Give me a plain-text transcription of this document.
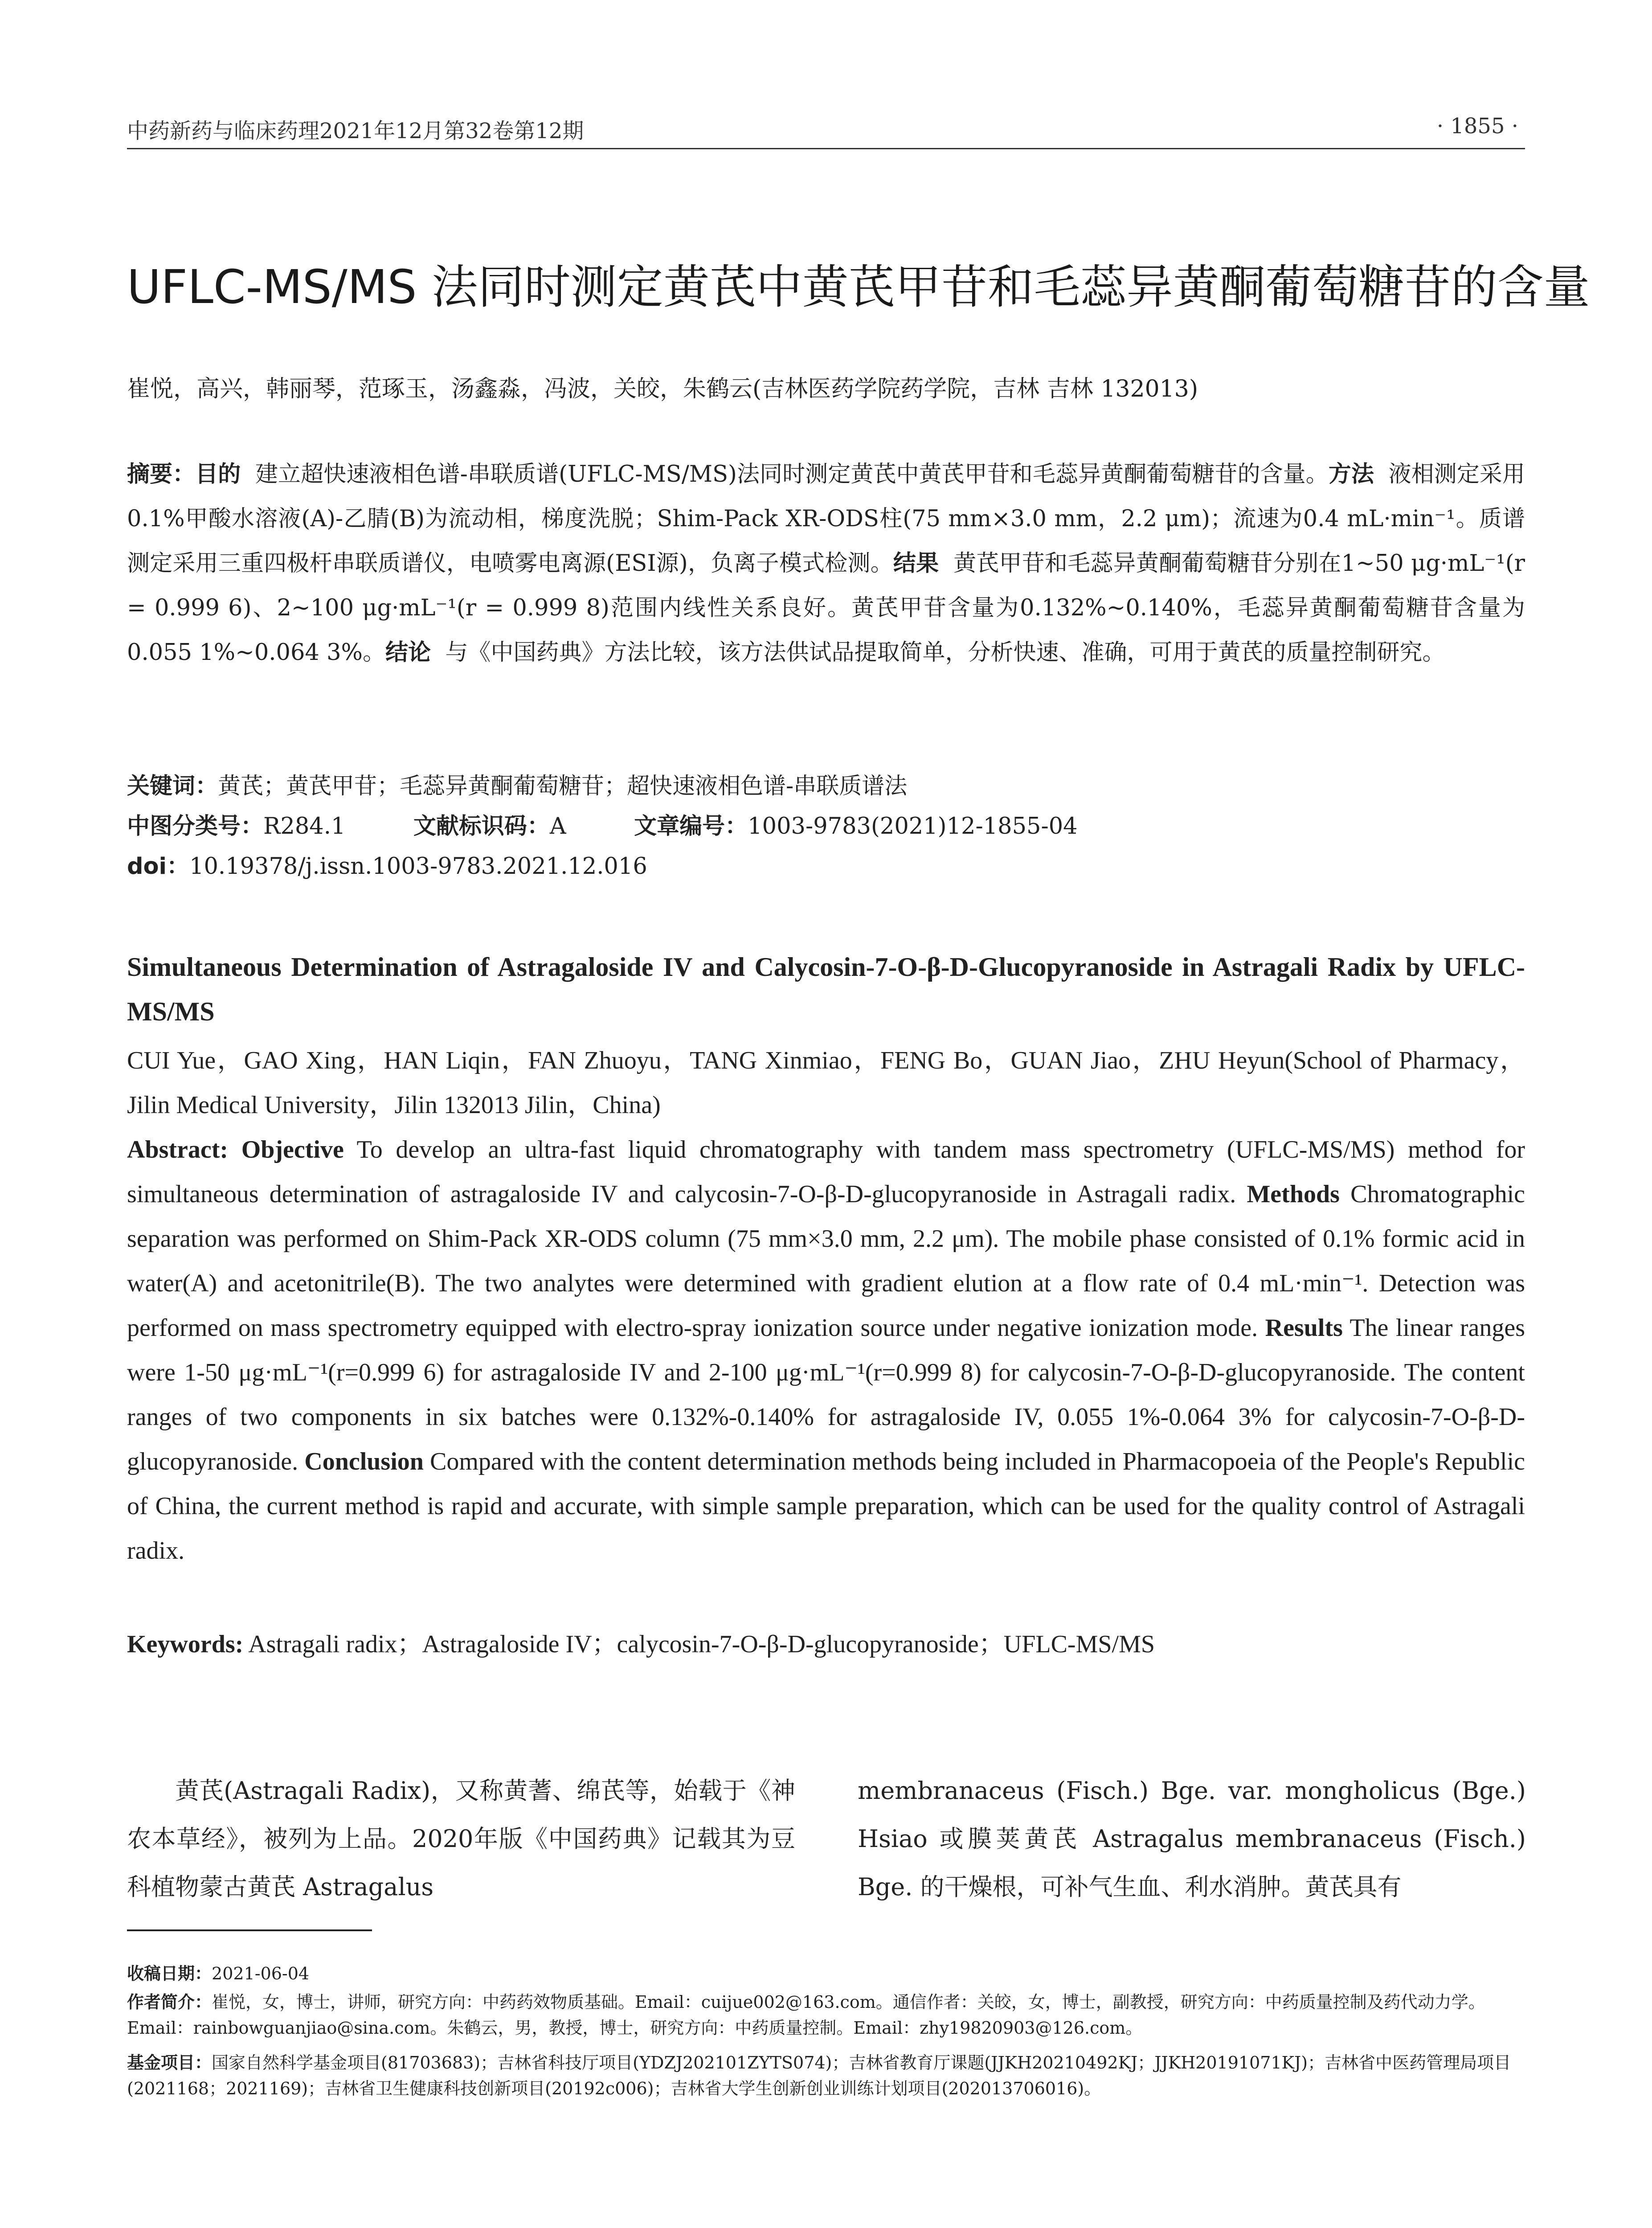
中药新药与临床药理2021年12月第32卷第12期	· 1855 ·
UFLC-MS/MS 法同时测定黄芪中黄芪甲苷和毛蕊异黄酮葡萄糖苷的含量
崔悦，高兴，韩丽琴，范琢玉，汤鑫淼，冯波，关皎，朱鹤云(吉林医药学院药学院，吉林 吉林 132013)
摘要：目的 建立超快速液相色谱-串联质谱(UFLC-MS/MS)法同时测定黄芪中黄芪甲苷和毛蕊异黄酮葡萄糖苷的含量。方法 液相测定采用0.1%甲酸水溶液(A)-乙腈(B)为流动相，梯度洗脱；Shim-Pack XR-ODS柱(75 mm×3.0 mm，2.2 μm)；流速为0.4 mL·min⁻¹。质谱测定采用三重四极杆串联质谱仪，电喷雾电离源(ESI源)，负离子模式检测。结果 黄芪甲苷和毛蕊异黄酮葡萄糖苷分别在1~50 μg·mL⁻¹(r = 0.999 6)、2~100 μg·mL⁻¹(r = 0.999 8)范围内线性关系良好。黄芪甲苷含量为0.132%~0.140%，毛蕊异黄酮葡萄糖苷含量为0.055 1%~0.064 3%。结论 与《中国药典》方法比较，该方法供试品提取简单，分析快速、准确，可用于黄芪的质量控制研究。
关键词：黄芪；黄芪甲苷；毛蕊异黄酮葡萄糖苷；超快速液相色谱-串联质谱法
中图分类号：R284.1	文献标识码：A	文章编号：1003-9783(2021)12-1855-04
doi：10.19378/j.issn.1003-9783.2021.12.016
Simultaneous Determination of Astragaloside IV and Calycosin-7-O-β-D-Glucopyranoside in Astragali Radix by UFLC-MS/MS
CUI Yue，GAO Xing，HAN Liqin，FAN Zhuoyu，TANG Xinmiao，FENG Bo，GUAN Jiao，ZHU Heyun(School of Pharmacy，Jilin Medical University，Jilin 132013 Jilin，China)
Abstract: Objective To develop an ultra-fast liquid chromatography with tandem mass spectrometry (UFLC-MS/MS) method for simultaneous determination of astragaloside IV and calycosin-7-O-β-D-glucopyranoside in Astragali radix. Methods Chromatographic separation was performed on Shim-Pack XR-ODS column (75 mm×3.0 mm, 2.2 μm). The mobile phase consisted of 0.1% formic acid in water(A) and acetonitrile(B). The two analytes were determined with gradient elution at a flow rate of 0.4 mL·min⁻¹. Detection was performed on mass spectrometry equipped with electro-spray ionization source under negative ionization mode. Results The linear ranges were 1-50 μg·mL⁻¹(r=0.999 6) for astragaloside IV and 2-100 μg·mL⁻¹(r=0.999 8) for calycosin-7-O-β-D-glucopyranoside. The content ranges of two components in six batches were 0.132%-0.140% for astragaloside IV, 0.055 1%-0.064 3% for calycosin-7-O-β-D-glucopyranoside. Conclusion Compared with the content determination methods being included in Pharmacopoeia of the People's Republic of China, the current method is rapid and accurate, with simple sample preparation, which can be used for the quality control of Astragali radix.
Keywords: Astragali radix；Astragaloside IV；calycosin-7-O-β-D-glucopyranoside；UFLC-MS/MS
黄芪(Astragali Radix)，又称黄蓍、绵芪等，始载于《神农本草经》，被列为上品。2020年版《中国药典》记载其为豆科植物蒙古黄芪 Astragalus
membranaceus (Fisch.) Bge. var. mongholicus (Bge.) Hsiao 或膜荚黄芪 Astragalus membranaceus (Fisch.) Bge. 的干燥根，可补气生血、利水消肿。黄芪具有
收稿日期：2021-06-04
作者简介：崔悦，女，博士，讲师，研究方向：中药药效物质基础。Email：cuijue002@163.com。通信作者：关皎，女，博士，副教授，研究方向：中药质量控制及药代动力学。Email：rainbowguanjiao@sina.com。朱鹤云，男，教授，博士，研究方向：中药质量控制。Email：zhy19820903@126.com。
基金项目：国家自然科学基金项目(81703683)；吉林省科技厅项目(YDZJ202101ZYTS074)；吉林省教育厅课题(JJKH20210492KJ；JJKH20191071KJ)；吉林省中医药管理局项目(2021168；2021169)；吉林省卫生健康科技创新项目(20192c006)；吉林省大学生创新创业训练计划项目(202013706016)。
